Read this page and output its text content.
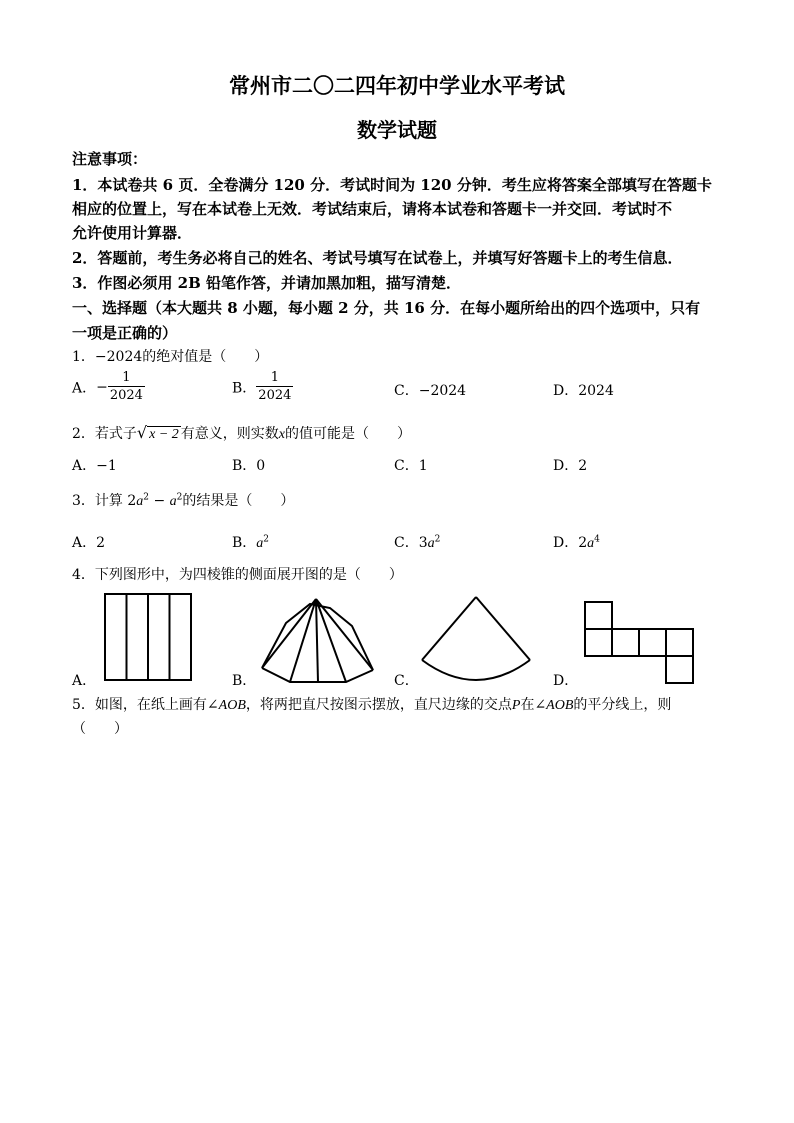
常州市二〇二四年初中学业水平考试
数学试题
注意事项：
1．本试卷共 6 页．全卷满分 120 分．考试时间为 120 分钟．考生应将答案全部填写在答题卡
相应的位置上，写在本试卷上无效．考试结束后，请将本试卷和答题卡一并交回．考试时不
允许使用计算器．
2．答题前，考生务必将自己的姓名、考试号填写在试卷上，并填写好答题卡上的考生信息．
3．作图必须用 2B 铅笔作答，并请加黑加粗，描写清楚．
一、选择题（本大题共 8 小题，每小题 2 分，共 16 分．在每小题所给出的四个选项中，只有
一项是正确的）
1．−2024的绝对值是（　　）
A．− $\frac{1}{2024}$	B． $\frac{1}{2024}$	C．−2024	D．2024
2．若式子√ x − 2 有意义，则实数x的值可能是（　　）
A．−1	B．0	C．1	D．2
3．计算 $2a^2 - a^2$的结果是（　　）
A．2	B．$a^2$	C．$3a^2$	D．$2a^4$
4．下列图形中，为四棱锥的侧面展开图的是（　　）
A．	B．	C．	D．
5．如图，在纸上画有∠AOB，将两把直尺按图示摆放，直尺边缘的交点P在∠AOB的平分线上，则
（　　）
